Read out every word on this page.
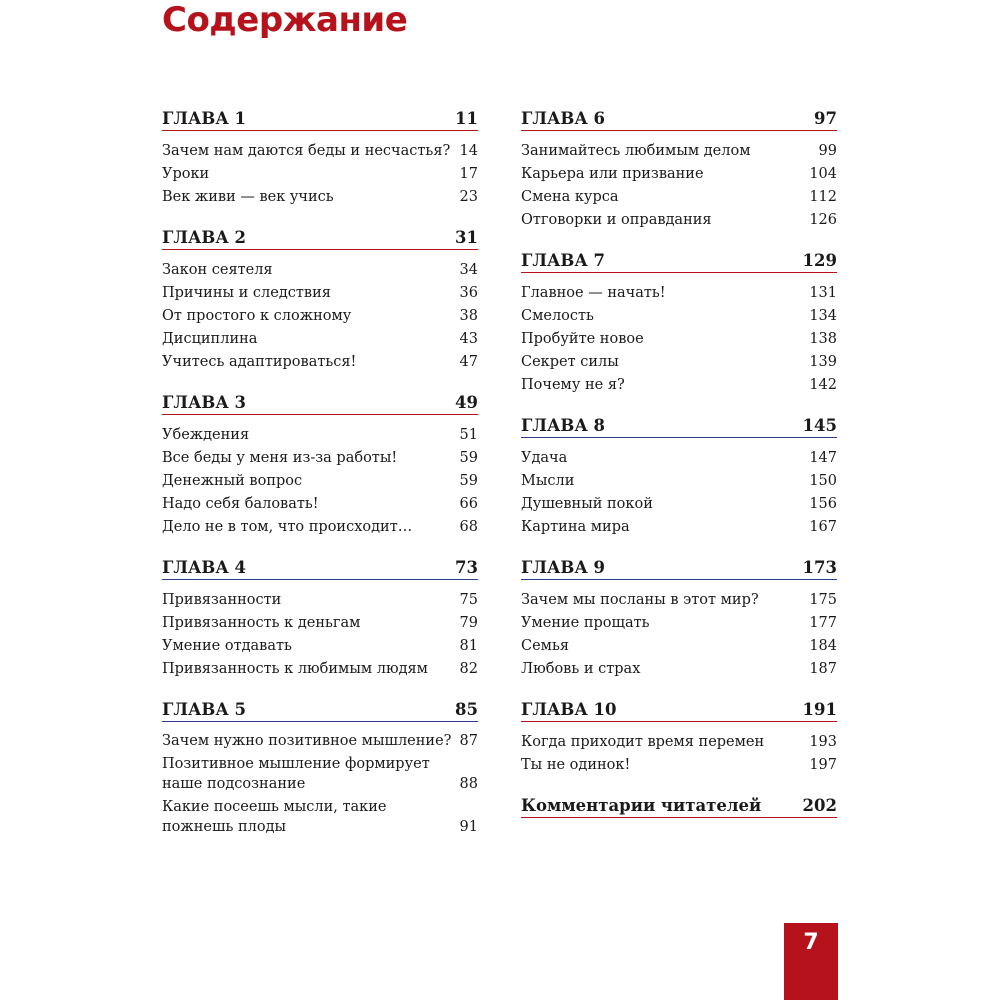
Содержание
ГЛАВА 1	11
Зачем нам даются беды и несчастья? 14
Уроки	17
Век живи — век учись	23
ГЛАВА 2	31
Закон сеятеля	34
Причины и следствия	36
От простого к сложному	38
Дисциплина	43
Учитесь адаптироваться!	47
ГЛАВА 3	49
Убеждения	51
Все беды у меня из-за работы!	59
Денежный вопрос	59
Надо себя баловать!	66
Дело не в том, что происходит…	68
ГЛАВА 4	73
Привязанности	75
Привязанность к деньгам	79
Умение отдавать	81
Привязанность к любимым людям	82
ГЛАВА 5	85
Зачем нужно позитивное мышление? 87
Позитивное мышление формирует наше подсознание	88
Какие посеешь мысли, такие пожнешь плоды	91
ГЛАВА 6	97
Занимайтесь любимым делом	99
Карьера или призвание	104
Смена курса	112
Отговорки и оправдания	126
ГЛАВА 7	129
Главное — начать!	131
Смелость	134
Пробуйте новое	138
Секрет силы	139
Почему не я?	142
ГЛАВА 8	145
Удача	147
Мысли	150
Душевный покой	156
Картина мира	167
ГЛАВА 9	173
Зачем мы посланы в этот мир?	175
Умение прощать	177
Семья	184
Любовь и страх	187
ГЛАВА 10	191
Когда приходит время перемен	193
Ты не одинок!	197
Комментарии читателей	202
7
